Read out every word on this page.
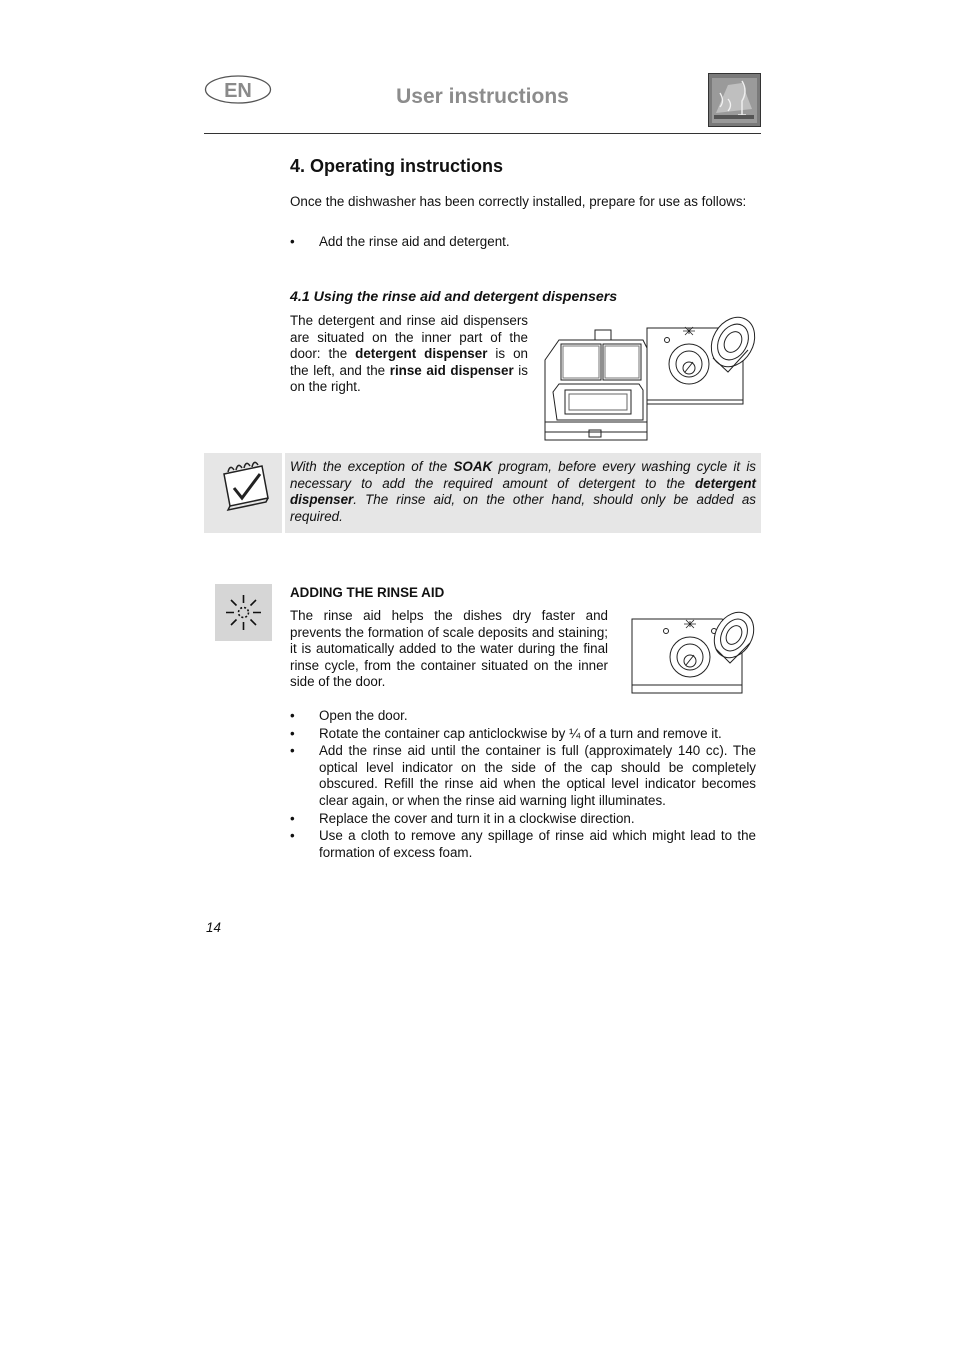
EN	User instructions
4. Operating instructions
Once the dishwasher has been correctly installed, prepare for use as follows:
•	Add the rinse aid and detergent.
4.1 Using the rinse aid and detergent dispensers
The detergent and rinse aid dispensers are situated on the inner part of the door: the detergent dispenser is on the left, and the rinse aid dispenser is on the right.
With the exception of the SOAK program, before every washing cycle it is necessary to add the required amount of detergent to the detergent dispenser. The rinse aid, on the other hand, should only be added as required.
ADDING THE RINSE AID
The rinse aid helps the dishes dry faster and prevents the formation of scale deposits and staining; it is automatically added to the water during the final rinse cycle, from the container situated on the inner side of the door.
•	Open the door.
•	Rotate the container cap anticlockwise by ¼ of a turn and remove it.
•	Add the rinse aid until the container is full (approximately 140 cc). The optical level indicator on the side of the cap should be completely obscured. Refill the rinse aid when the optical level indicator becomes clear again, or when the rinse aid warning light illuminates.
•	Replace the cover and turn it in a clockwise direction.
•	Use a cloth to remove any spillage of rinse aid which might lead to the formation of excess foam.
14
